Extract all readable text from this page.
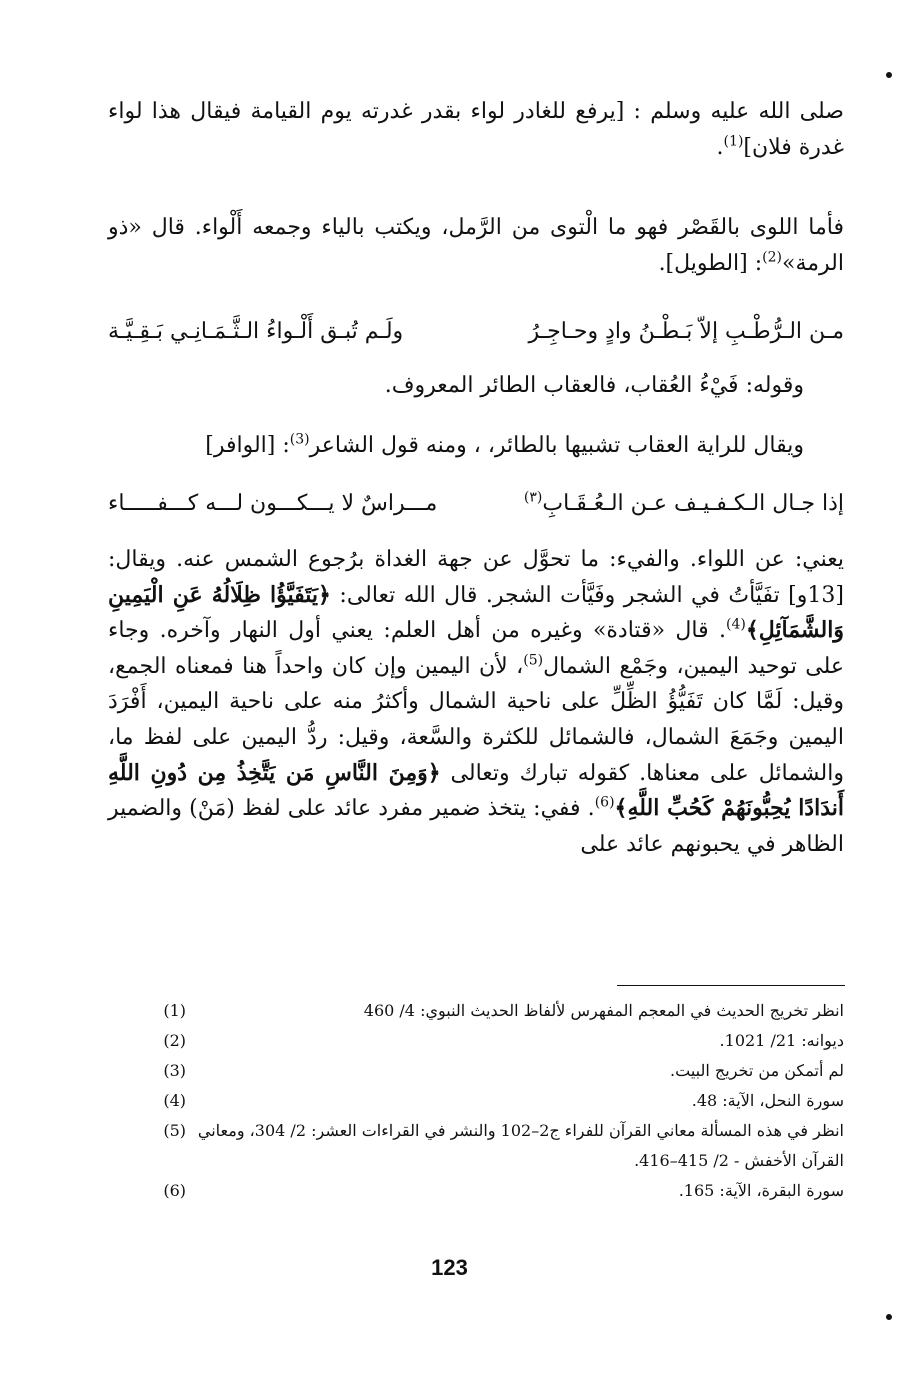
صلى الله عليه وسلم : [يرفع للغادر لواء بقدر غدرته يوم القيامة فيقال هذا لواء غدرة فلان]$^{(1)}$.

فأما اللوى بالقَصْر فهو ما الْتوى من الرَّمل، ويكتب بالياء وجمعه أَلْواء. قال «ذو الرمة»$^{(2)}$: [الطويل].

ولَـم تُبـق أَلْـواءُ الـثَّـمَـانِـي بَـقِـيَّـة	مـن الـرُّطْـبِ إلاّ بَـطْـنُ وادٍ وحـاجِـرُ

وقوله: فَيْءُ العُقاب، فالعقاب الطائر المعروف.

ويقال للراية العقاب تشبيها بالطائر، ، ومنه قول الشاعر$^{(3)}$: [الوافر]

مـــراسٌ لا يـــكـــون لـــه كـــفـــــاء	إذا جـال الـكـفـيـف عـن الـعُـقَـابِ$^{(٣)}$

يعني: عن اللواء. والفيء: ما تحوَّل عن جهة الغداة برُجوع الشمس عنه. ويقال: [13و] تفَيَّأتُ في الشجر وفَيَّأت الشجر. قال الله تعالى: ﴿يَتَفَيَّؤُا ظِلَالُهُ عَنِ الْيَمِينِ وَالشَّمَآئِلِ﴾$^{(4)}$. قال «قتادة» وغيره من أهل العلم: يعني أول النهار وآخره. وجاء على توحيد اليمين، وجَمْع الشمال$^{(5)}$، لأن اليمين وإن كان واحداً هنا فمعناه الجمع، وقيل: لَمَّا كان تَفَيُّؤُ الظِّلِّ على ناحية الشمال وأكثرُ منه على ناحية اليمين، أَفْرَدَ اليمين وجَمَعَ الشمال، فالشمائل للكثرة والسَّعة، وقيل: ردُّ اليمين على لفظ ما، والشمائل على معناها. كقوله تبارك وتعالى ﴿وَمِنَ النَّاسِ مَن يَتَّخِذُ مِن دُونِ اللَّهِ أَندَادًا يُحِبُّونَهُمْ كَحُبِّ اللَّهِ﴾$^{(6)}$. ففي: يتخذ ضمير مفرد عائد على لفظ (مَنْ) والضمير الظاهر في يحبونهم عائد على

(1)	انظر تخريج الحديث في المعجم المفهرس لألفاظ الحديث النبوي: 4/ 460
(2)	ديوانه: 21/ 1021.
(3)	لم أتمكن من تخريج البيت.
(4)	سورة النحل، الآية: 48.
(5) انظر في هذه المسألة معاني القرآن للفراء ج2–102 والنشر في القراءات العشر: 2/ 304، ومعاني القرآن الأخفش - 2/ 415–416.
(6)	سورة البقرة، الآية: 165.
123
